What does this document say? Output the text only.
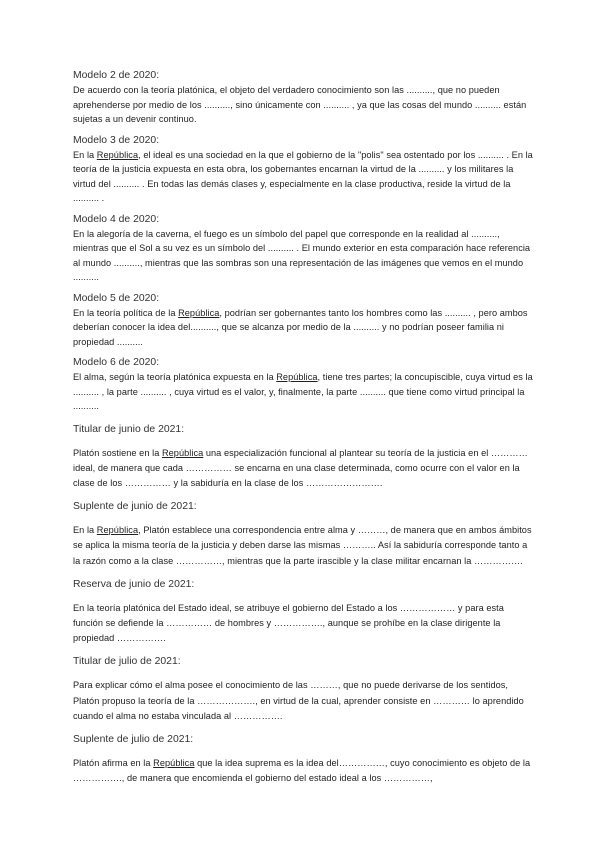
Modelo 2 de 2020:

De acuerdo con la teoría platónica, el objeto del verdadero conocimiento son las .........., que no pueden aprehenderse por medio de los .........., sino únicamente con .......... , ya que las cosas del mundo .......... están sujetas a un devenir continuo.

Modelo 3 de 2020:

En la República, el ideal es una sociedad en la que el gobierno de la "polis" sea ostentado por los .......... . En la teoría de la justicia expuesta en esta obra, los gobernantes encarnan la virtud de la .......... y los militares la virtud del .......... . En todas las demás clases y, especialmente en la clase productiva, reside la virtud de la .......... .

Modelo 4 de 2020:

En la alegoría de la caverna, el fuego es un símbolo del papel que corresponde en la realidad al .........., mientras que el Sol a su vez es un símbolo del .......... . El mundo exterior en esta comparación hace referencia al mundo .........., mientras que las sombras son una representación de las imágenes que vemos en el mundo ..........

Modelo 5 de 2020:

En la teoría política de la República, podrían ser gobernantes tanto los hombres como las .......... , pero ambos deberían conocer la idea del.........., que se alcanza por medio de la .......... y no podrían poseer familia ni propiedad ..........

Modelo 6 de 2020:

El alma, según la teoría platónica expuesta en la República, tiene tres partes; la concupiscible, cuya virtud es la .......... , la parte .......... , cuya virtud es el valor, y, finalmente, la parte .......... que tiene como virtud principal la ..........

Titular de junio de 2021:

Platón sostiene en la República una especialización funcional al plantear su teoría de la justicia en el ………… ideal, de manera que cada …………… se encarna en una clase determinada, como ocurre con el valor en la clase de los …………… y la sabiduría en la clase de los …………………….

Suplente de junio de 2021:

En la República, Platón establece una correspondencia entre alma y ………, de manera que en ambos ámbitos se aplica la misma teoría de la justicia y deben darse las mismas ……….. Así la sabiduría corresponde tanto a la razón como a la clase ……………, mientras que la parte irascible y la clase militar encarnan la …………….

Reserva de junio de 2021:

En la teoría platónica del Estado ideal, se atribuye el gobierno del Estado a los ……………… y para esta función se defiende la …………… de hombres y ……………., aunque se prohíbe en la clase dirigente la propiedad …………….

Titular de julio de 2021:

Para explicar cómo el alma posee el conocimiento de las ………, que no puede derivarse de los sentidos, Platón propuso la teoría de la ………………., en virtud de la cual, aprender consiste en ………… lo aprendido cuando el alma no estaba vinculada al …………….

Suplente de julio de 2021:

Platón afirma en la República que la idea suprema es la idea del……………, cuyo conocimiento es objeto de la ……………., de manera que encomienda el gobierno del estado ideal a los ……………,
